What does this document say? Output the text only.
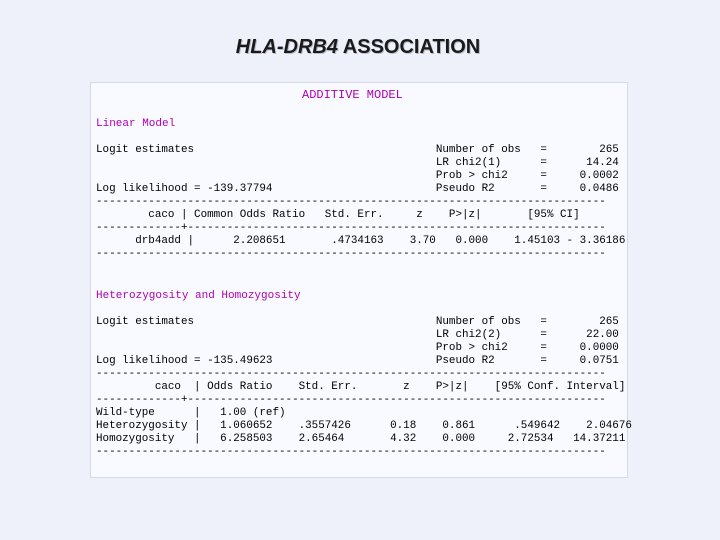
HLA-DRB4 ASSOCIATION
ADDITIVE MODEL
Linear Model
Logit estimates                                     Number of obs   =        265
LR chi2(1)      =      14.24
Prob > chi2     =     0.0002
Log likelihood = -139.37794                         Pseudo R2       =     0.0486
------------------------------------------------------------------------------
caco | Common Odds Ratio   Std. Err.     z    P>|z|       [95% CI]
-------------+----------------------------------------------------------------
drb4add |      2.208651       .4734163    3.70   0.000    1.45103 - 3.36186
------------------------------------------------------------------------------
Heterozygosity and Homozygosity
Logit estimates                                     Number of obs   =        265
LR chi2(2)      =      22.00
Prob > chi2     =     0.0000
Log likelihood = -135.49623                         Pseudo R2       =     0.0751
------------------------------------------------------------------------------
caco  | Odds Ratio    Std. Err.       z    P>|z|    [95% Conf. Interval]
-------------+----------------------------------------------------------------
Wild-type      |   1.00 (ref)
Heterozygosity |   1.060652    .3557426      0.18    0.861      .549642    2.04676
Homozygosity   |   6.258503    2.65464       4.32    0.000     2.72534   14.37211
------------------------------------------------------------------------------
